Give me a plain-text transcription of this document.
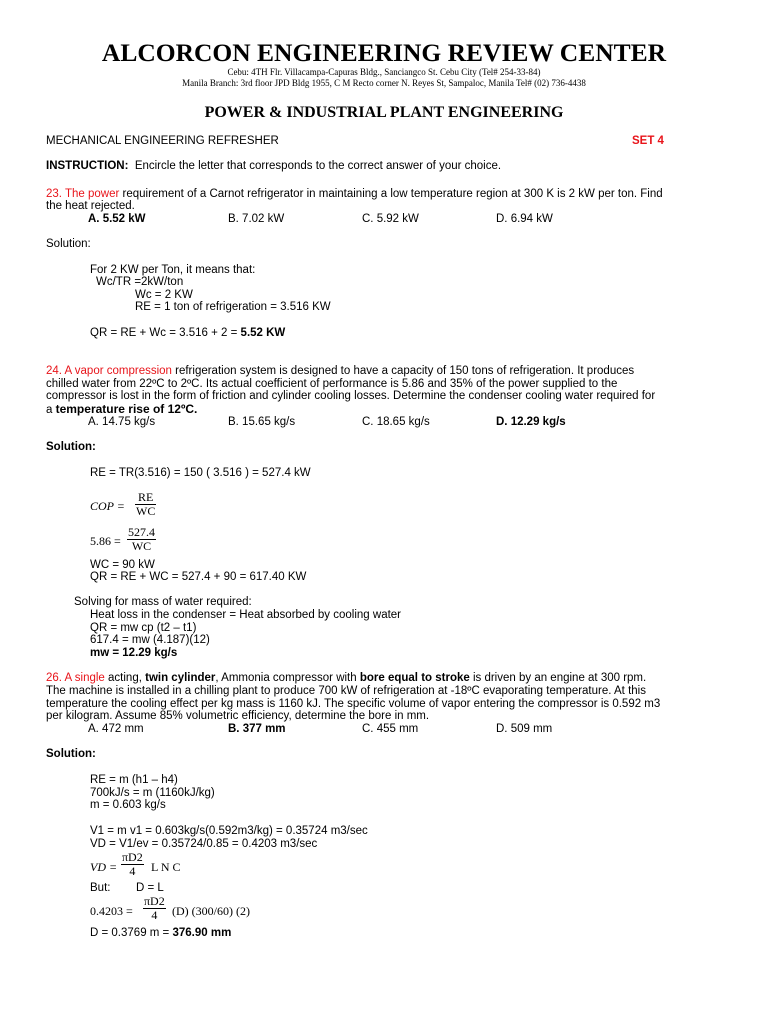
ALCORCON ENGINEERING REVIEW CENTER
Cebu: 4TH Flr. Villacampa-Capuras Bldg., Sanciangco St. Cebu City (Tel# 254-33-84)
Manila Branch: 3rd floor JPD Bldg 1955, C M Recto corner N. Reyes St, Sampaloc, Manila Tel# (02) 736-4438
POWER & INDUSTRIAL PLANT ENGINEERING
MECHANICAL ENGINEERING REFRESHER	SET 4
INSTRUCTION: Encircle the letter that corresponds to the correct answer of your choice.
23. The power requirement of a Carnot refrigerator in maintaining a low temperature region at 300 K is 2 kW per ton. Find
the heat rejected.
A. 5.52 kW	B. 7.02 kW	C. 5.92 kW	D. 6.94 kW
Solution:
For 2 KW per Ton, it means that:
Wc/TR =2kW/ton
Wc = 2 KW
RE = 1 ton of refrigeration = 3.516 KW
QR = RE + Wc = 3.516 + 2 = 5.52 KW
24. A vapor compression refrigeration system is designed to have a capacity of 150 tons of refrigeration. It produces
chilled water from 22ºC to 2ºC. Its actual coefficient of performance is 5.86 and 35% of the power supplied to the
compressor is lost in the form of friction and cylinder cooling losses. Determine the condenser cooling water required for
a temperature rise of 12ºC.
A. 14.75 kg/s	B. 15.65 kg/s	C. 18.65 kg/s	D. 12.29 kg/s
Solution:
RE = TR(3.516) = 150 ( 3.516 ) = 527.4 kW
COP = $\frac{RE}{WC}$
$5.86 = \frac{527.4}{WC}$
WC = 90 kW
QR = RE + WC = 527.4 + 90 = 617.40 KW
Solving for mass of water required:
Heat loss in the condenser = Heat absorbed by cooling water
QR = mw cp (t2 – t1)
617.4 = mw (4.187)(12)
mw = 12.29 kg/s
26. A single acting, twin cylinder, Ammonia compressor with bore equal to stroke is driven by an engine at 300 rpm.
The machine is installed in a chilling plant to produce 700 kW of refrigeration at -18ºC evaporating temperature. At this
temperature the cooling effect per kg mass is 1160 kJ. The specific volume of vapor entering the compressor is 0.592 m3
per kilogram. Assume 85% volumetric efficiency, determine the bore in mm.
A. 472 mm	B. 377 mm	C. 455 mm	D. 509 mm
Solution:
RE = m (h1 – h4)
700kJ/s = m (1160kJ/kg)
m = 0.603 kg/s
V1 = m v1 = 0.603kg/s(0.592m3/kg) = 0.35724 m3/sec
VD = V1/ev = 0.35724/0.85 = 0.4203 m3/sec
VD = $\frac{\pi D2}{4}$ L N C
But: D = L
$0.4203 = \frac{\pi D2}{4} (D)$ (300/60) (2)
D = 0.3769 m = 376.90 mm
